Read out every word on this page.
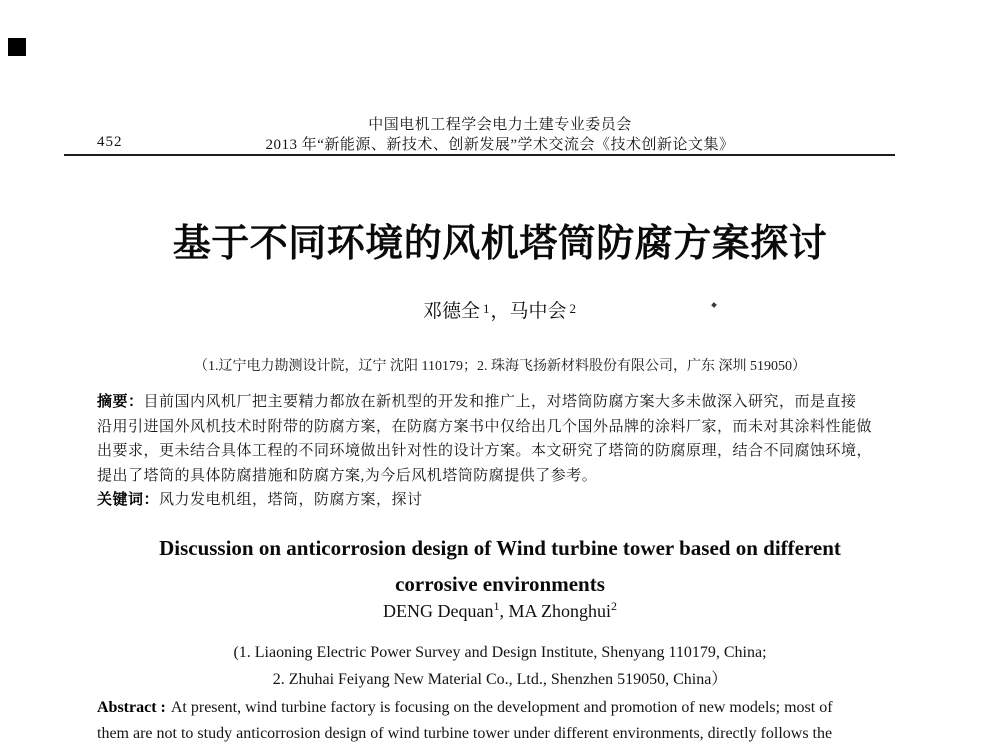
452
中国电机工程学会电力土建专业委员会
2013 年“新能源、新技术、创新发展”学术交流会《技术创新论文集》
基于不同环境的风机塔筒防腐方案探讨
邓德全 $^1$，马中会 $^2$
（1.辽宁电力勘测设计院，辽宁 沈阳 110179；2. 珠海飞扬新材料股份有限公司，广东 深圳 519050）
摘要：目前国内风机厂把主要精力都放在新机型的开发和推广上，对塔筒防腐方案大多未做深入研究，而是直接
沿用引进国外风机技术时附带的防腐方案，在防腐方案书中仅给出几个国外品牌的涂料厂家，而未对其涂料性能做
出要求，更未结合具体工程的不同环境做出针对性的设计方案。本文研究了塔筒的防腐原理，结合不同腐蚀环境，
提出了塔筒的具体防腐措施和防腐方案,为今后风机塔筒防腐提供了参考。
关键词：风力发电机组，塔筒，防腐方案，探讨
Discussion on anticorrosion design of Wind turbine tower based on different
corrosive environments
DENG Dequan$^1$, MA Zhonghui$^2$
(1. Liaoning Electric Power Survey and Design Institute, Shenyang 110179, China;
2. Zhuhai Feiyang New Material Co., Ltd., Shenzhen 519050, China）
Abstract : At present, wind turbine factory is focusing on the development and promotion of new models; most of
them are not to study anticorrosion design of wind turbine tower under different environments, directly follows the
